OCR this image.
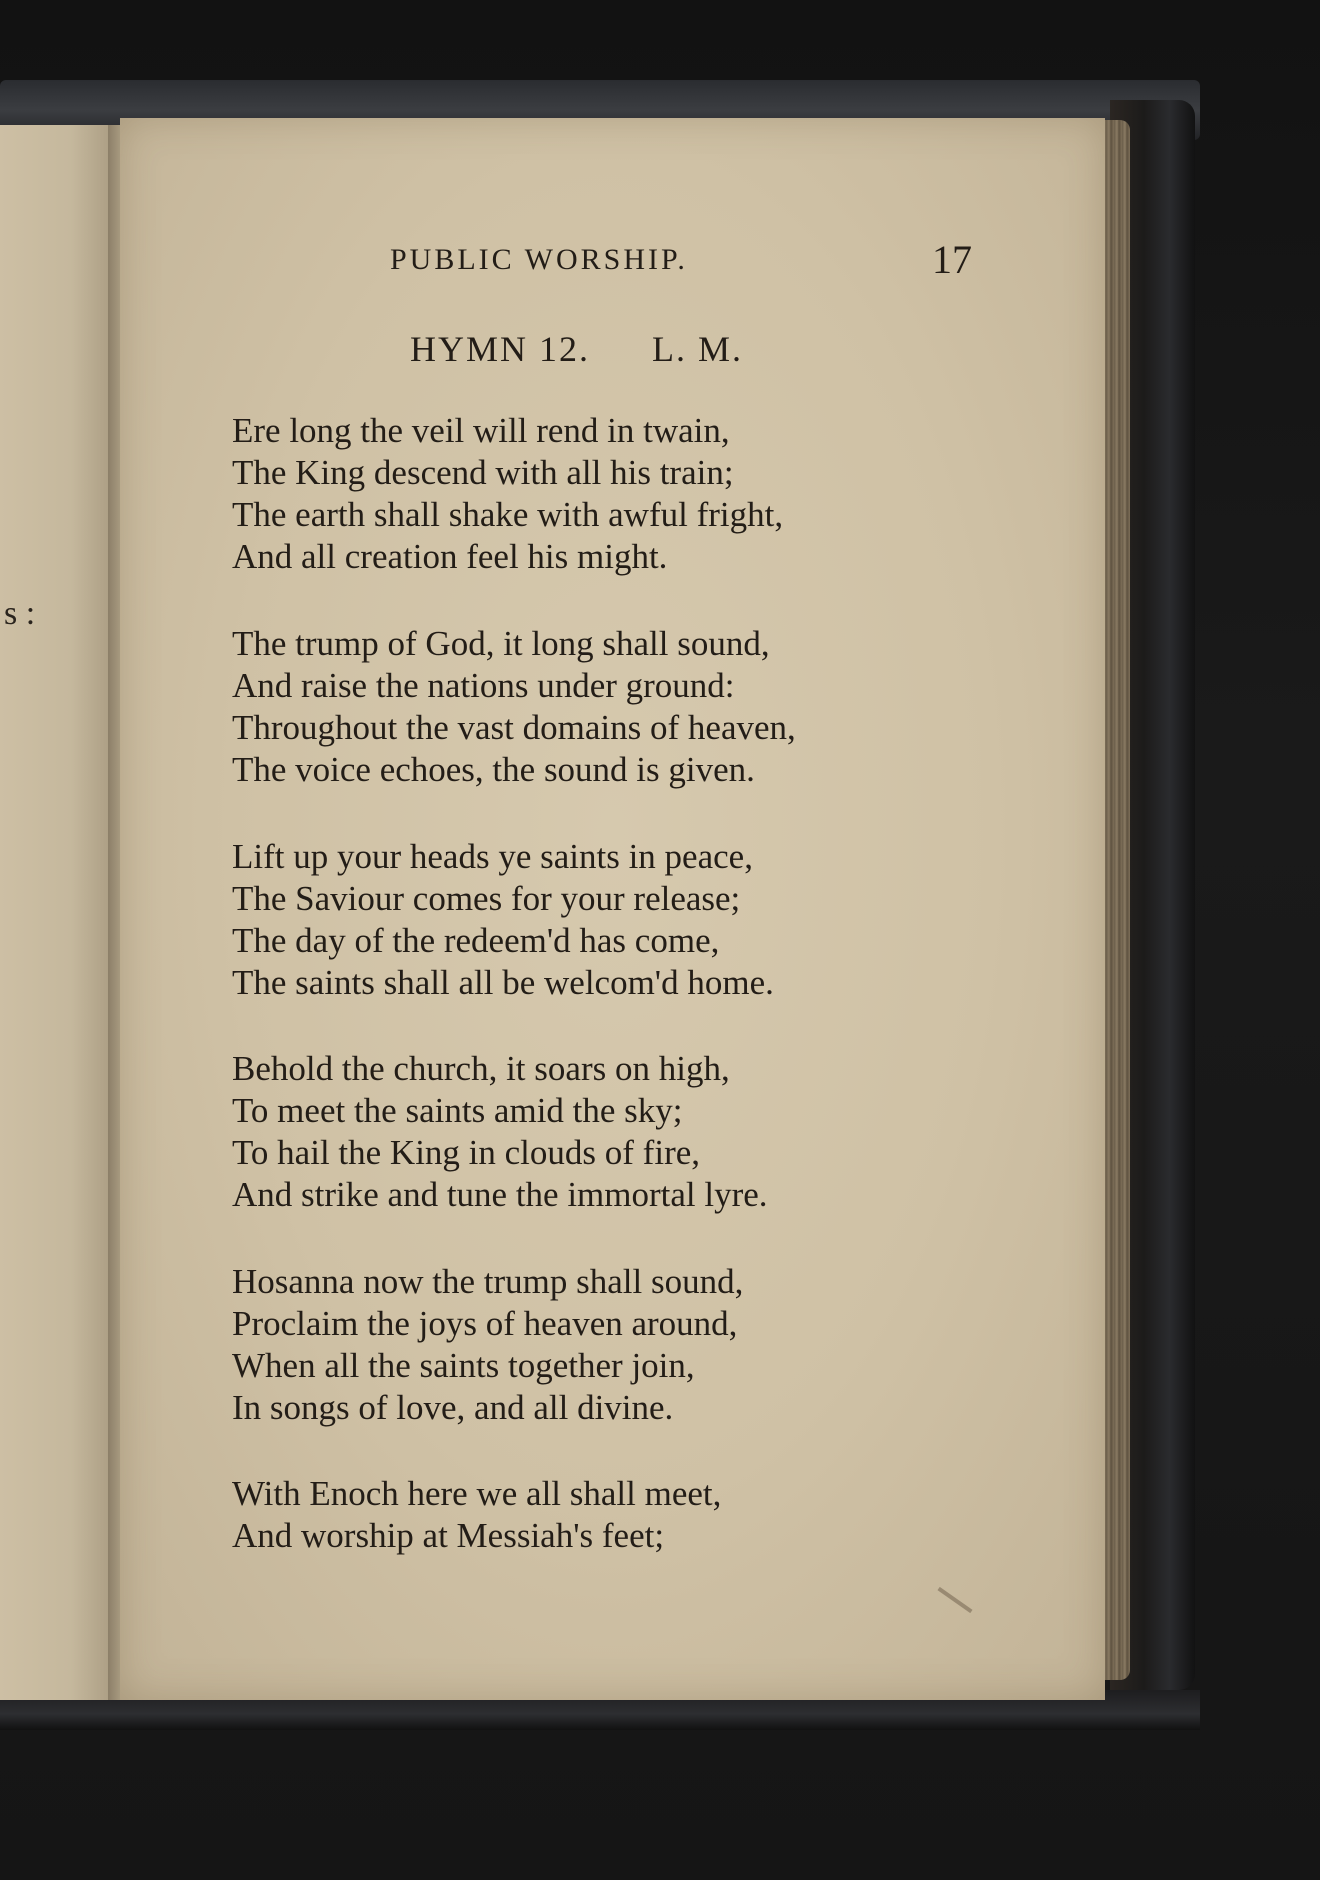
s :
PUBLIC WORSHIP.	17
HYMN 12. L. M.
Ere long the veil will rend in twain,
The King descend with all his train;
The earth shall shake with awful fright,
And all creation feel his might.
The trump of God, it long shall sound,
And raise the nations under ground:
Throughout the vast domains of heaven,
The voice echoes, the sound is given.
Lift up your heads ye saints in peace,
The Saviour comes for your release;
The day of the redeem'd has come,
The saints shall all be welcom'd home.
Behold the church, it soars on high,
To meet the saints amid the sky;
To hail the King in clouds of fire,
And strike and tune the immortal lyre.
Hosanna now the trump shall sound,
Proclaim the joys of heaven around,
When all the saints together join,
In songs of love, and all divine.
With Enoch here we all shall meet,
And worship at Messiah's feet;
